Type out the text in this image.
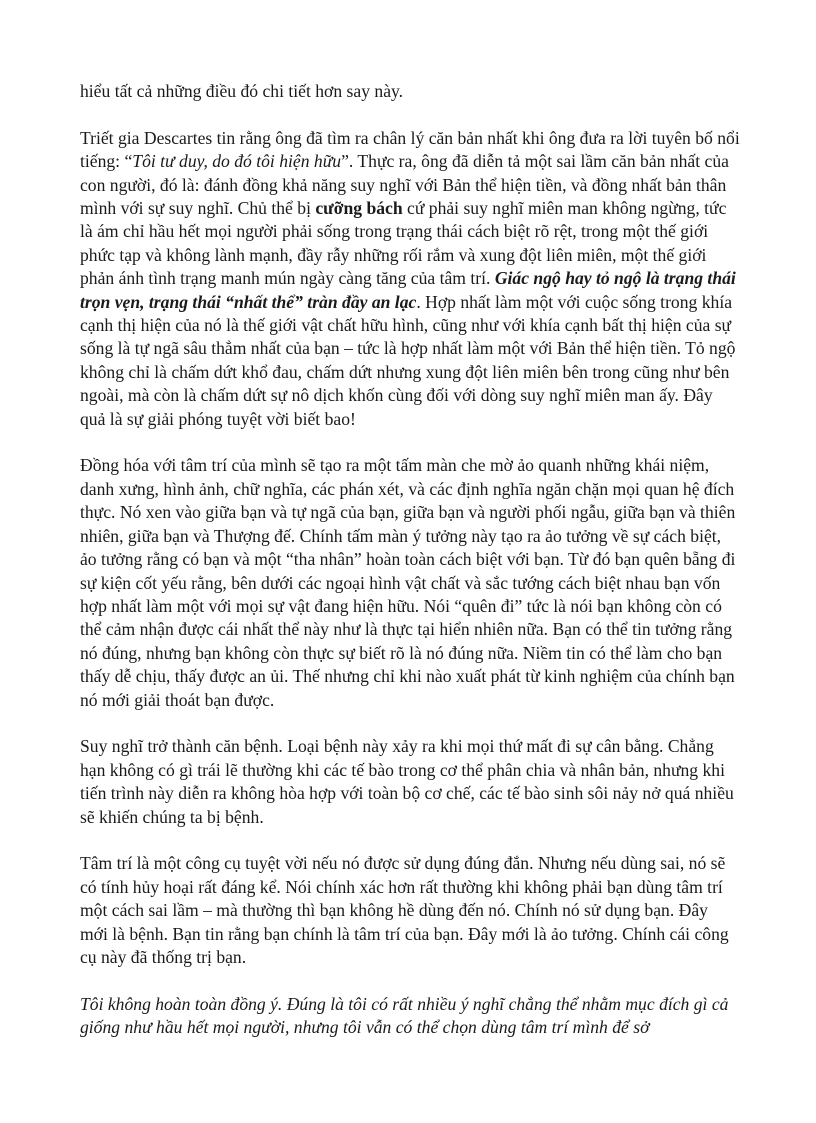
hiểu tất cả những điều đó chi tiết hơn say này.

Triết gia Descartes tin rằng ông đã tìm ra chân lý căn bản nhất khi ông đưa ra lời tuyên bố nổi tiếng: “Tôi tư duy, do đó tôi hiện hữu”. Thực ra, ông đã diễn tả một sai lầm căn bản nhất của con người, đó là: đánh đồng khả năng suy nghĩ với Bản thể hiện tiền, và đồng nhất bản thân mình với sự suy nghĩ. Chủ thể bị cưỡng bách cứ phải suy nghĩ miên man không ngừng, tức là ám chỉ hầu hết mọi người phải sống trong trạng thái cách biệt rõ rệt, trong một thế giới phức tạp và không lành mạnh, đầy rẫy những rối rắm và xung đột liên miên, một thế giới phản ánh tình trạng manh mún ngày càng tăng của tâm trí. Giác ngộ hay tỏ ngộ là trạng thái trọn vẹn, trạng thái “nhất thể” tràn đầy an lạc. Hợp nhất làm một với cuộc sống trong khía cạnh thị hiện của nó là thế giới vật chất hữu hình, cũng như với khía cạnh bất thị hiện của sự sống là tự ngã sâu thẳm nhất của bạn – tức là hợp nhất làm một với Bản thể hiện tiền. Tỏ ngộ không chỉ là chấm dứt khổ đau, chấm dứt nhưng xung đột liên miên bên trong cũng như bên ngoài, mà còn là chấm dứt sự nô dịch khốn cùng đối với dòng suy nghĩ miên man ấy. Đây quả là sự giải phóng tuyệt vời biết bao!

Đồng hóa với tâm trí của mình sẽ tạo ra một tấm màn che mờ ảo quanh những khái niệm, danh xưng, hình ảnh, chữ nghĩa, các phán xét, và các định nghĩa ngăn chặn mọi quan hệ đích thực. Nó xen vào giữa bạn và tự ngã của bạn, giữa bạn và người phối ngẫu, giữa bạn và thiên nhiên, giữa bạn và Thượng đế. Chính tấm màn ý tưởng này tạo ra ảo tưởng về sự cách biệt, ảo tưởng rằng có bạn và một “tha nhân” hoàn toàn cách biệt với bạn. Từ đó bạn quên bẵng đi sự kiện cốt yếu rằng, bên dưới các ngoại hình vật chất và sắc tướng cách biệt nhau bạn vốn hợp nhất làm một với mọi sự vật đang hiện hữu. Nói “quên đi” tức là nói bạn không còn có thể cảm nhận được cái nhất thể này như là thực tại hiển nhiên nữa. Bạn có thể tin tưởng rằng nó đúng, nhưng bạn không còn thực sự biết rõ là nó đúng nữa. Niềm tin có thể làm cho bạn thấy dễ chịu, thấy được an ủi. Thế nhưng chỉ khi nào xuất phát từ kinh nghiệm của chính bạn nó mới giải thoát bạn được.

Suy nghĩ trở thành căn bệnh. Loại bệnh này xảy ra khi mọi thứ mất đi sự cân bằng. Chẳng hạn không có gì trái lẽ thường khi các tế bào trong cơ thể phân chia và nhân bản, nhưng khi tiến trình này diễn ra không hòa hợp với toàn bộ cơ chế, các tế bào sinh sôi nảy nở quá nhiều sẽ khiến chúng ta bị bệnh.

Tâm trí là một công cụ tuyệt vời nếu nó được sử dụng đúng đắn. Nhưng nếu dùng sai, nó sẽ có tính hủy hoại rất đáng kể. Nói chính xác hơn rất thường khi không phải bạn dùng tâm trí một cách sai lầm – mà thường thì bạn không hề dùng đến nó. Chính nó sử dụng bạn. Đây mới là bệnh. Bạn tin rằng bạn chính là tâm trí của bạn. Đây mới là ảo tưởng. Chính cái công cụ này đã thống trị bạn.

Tôi không hoàn toàn đồng ý. Đúng là tôi có rất nhiều ý nghĩ chẳng thể nhằm mục đích gì cả giống như hầu hết mọi người, nhưng tôi vẫn có thể chọn dùng tâm trí mình để sở
